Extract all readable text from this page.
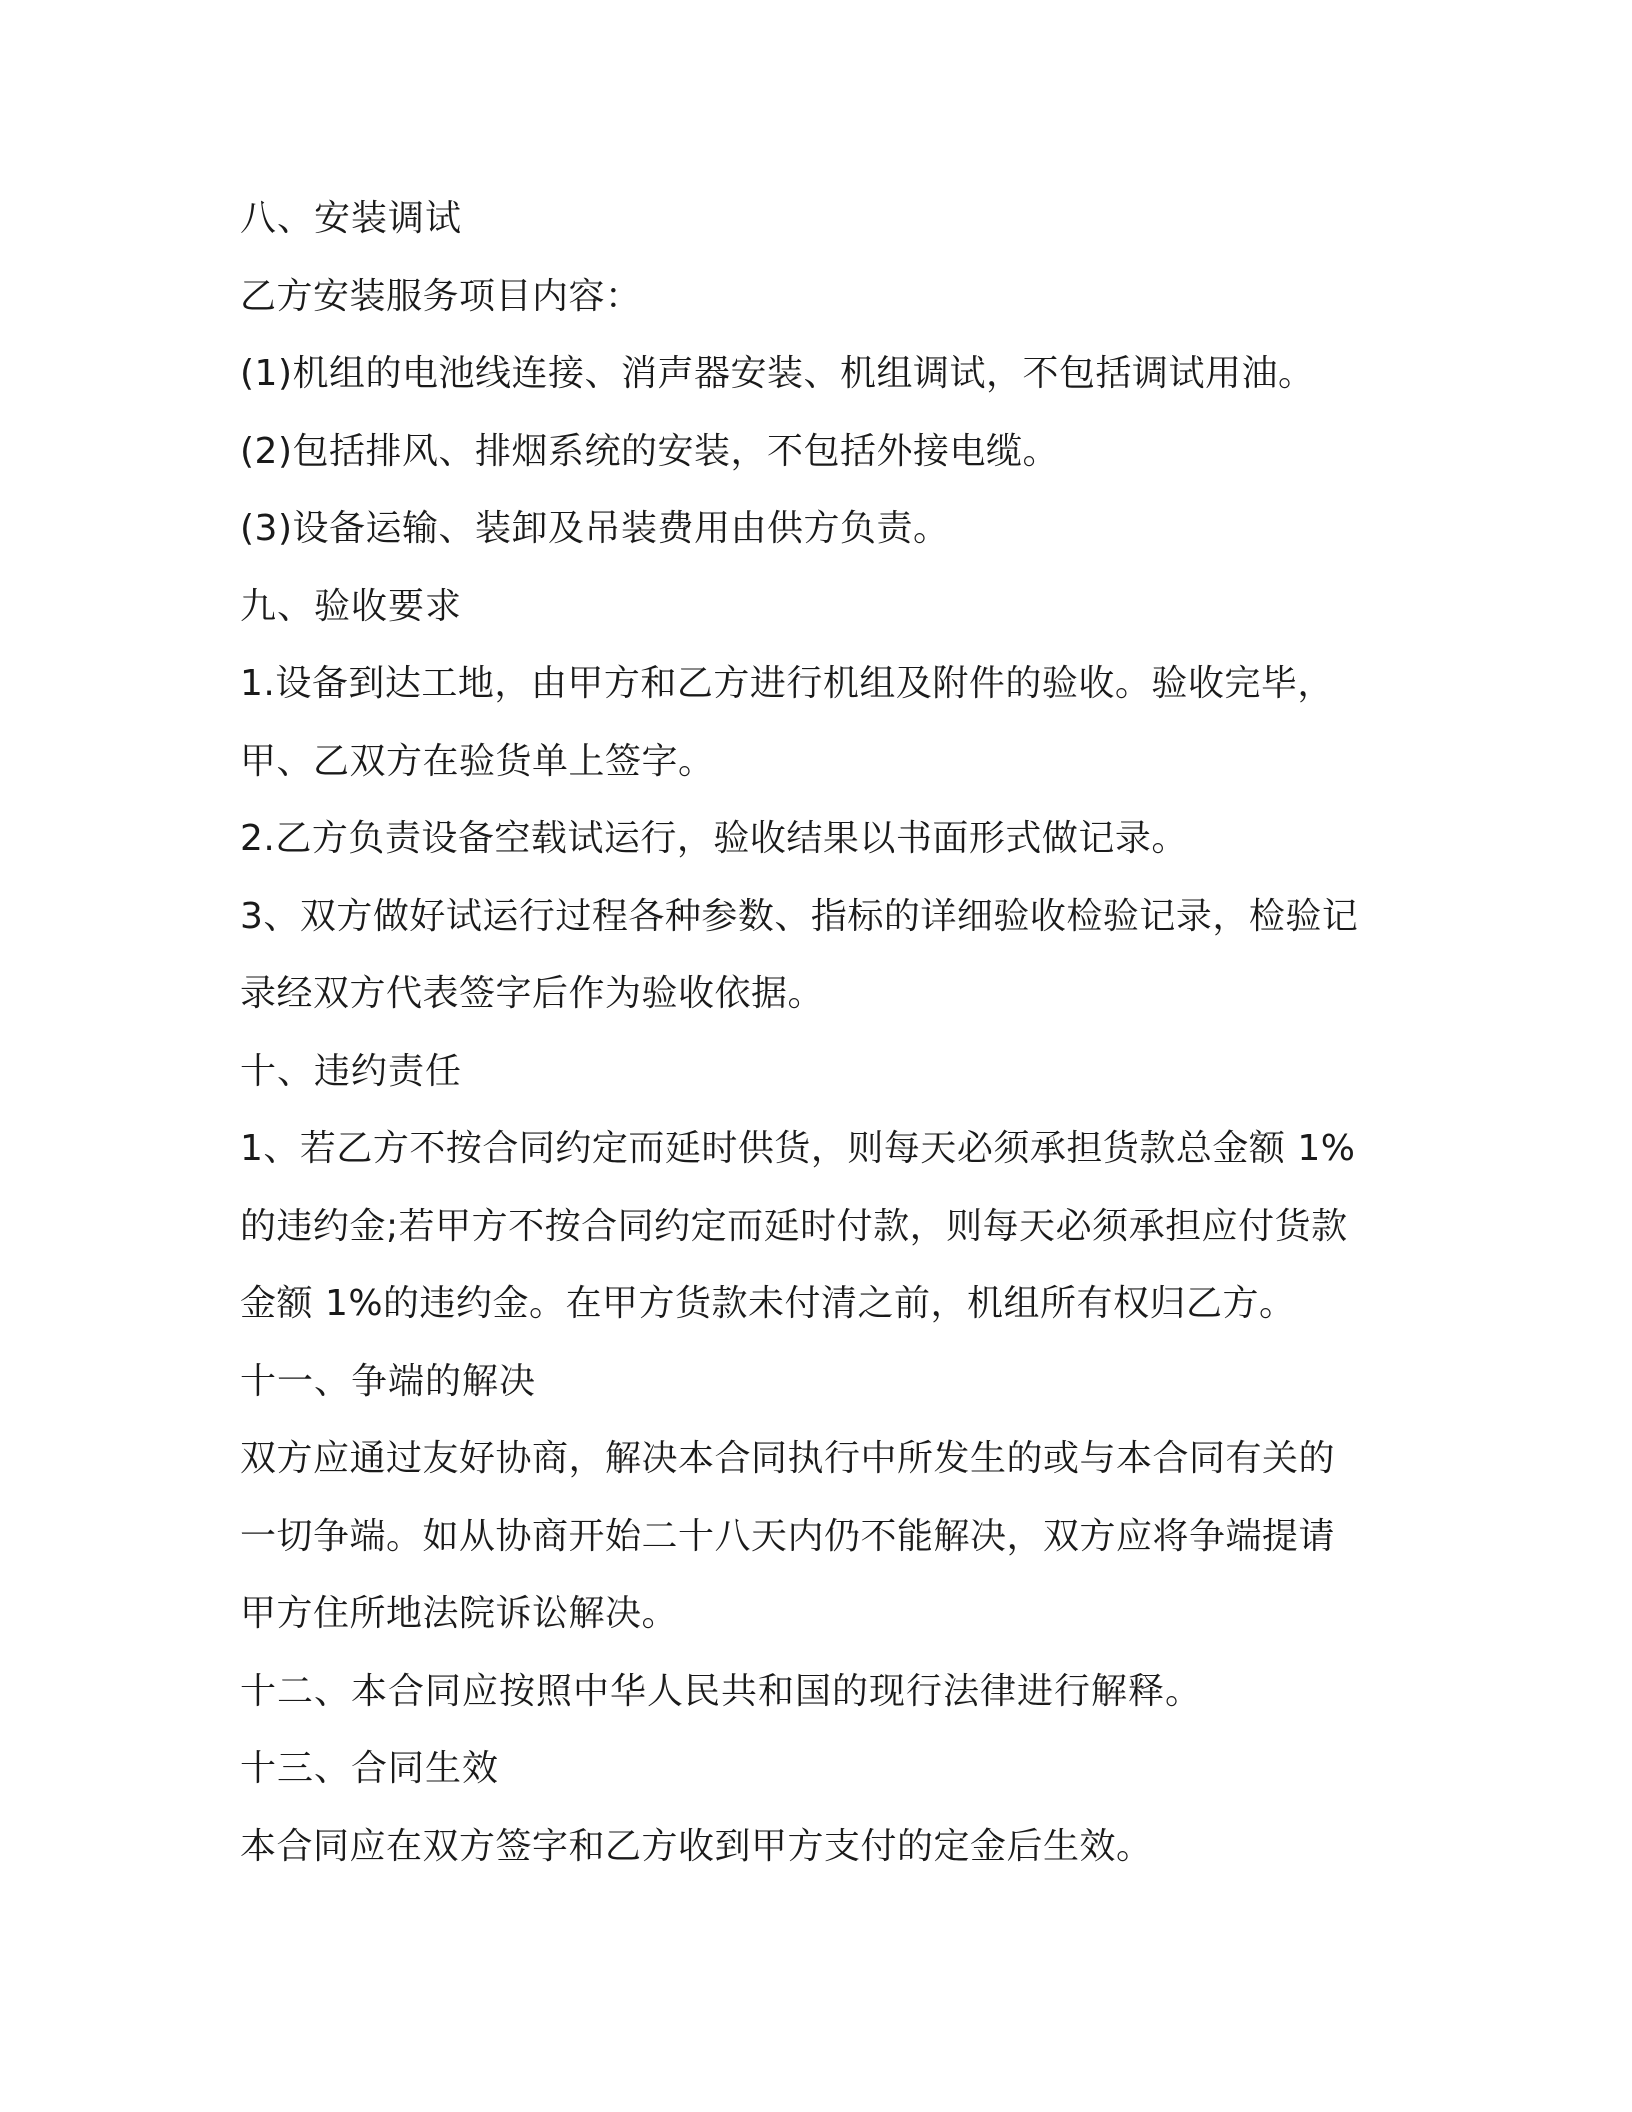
八、安装调试
乙方安装服务项目内容：
(1)机组的电池线连接、消声器安装、机组调试，不包括调试用油。
(2)包括排风、排烟系统的安装，不包括外接电缆。
(3)设备运输、装卸及吊装费用由供方负责。
九、验收要求
1.设备到达工地，由甲方和乙方进行机组及附件的验收。验收完毕，
甲、乙双方在验货单上签字。
2.乙方负责设备空载试运行，验收结果以书面形式做记录。
3、双方做好试运行过程各种参数、指标的详细验收检验记录，检验记
录经双方代表签字后作为验收依据。
十、违约责任
1、若乙方不按合同约定而延时供货，则每天必须承担货款总金额 1%
的违约金;若甲方不按合同约定而延时付款，则每天必须承担应付货款
金额 1%的违约金。在甲方货款未付清之前，机组所有权归乙方。
十一、争端的解决
双方应通过友好协商，解决本合同执行中所发生的或与本合同有关的
一切争端。如从协商开始二十八天内仍不能解决，双方应将争端提请
甲方住所地法院诉讼解决。
十二、本合同应按照中华人民共和国的现行法律进行解释。
十三、合同生效
本合同应在双方签字和乙方收到甲方支付的定金后生效。
